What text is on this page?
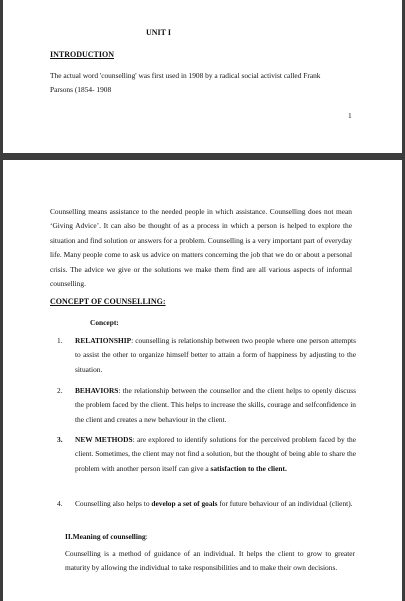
UNIT I
INTRODUCTION
The actual word 'counselling' was first used in 1908 by a radical social activist called Frank
Parsons (1854- 1908
1
Counselling means assistance to the needed people in which assistance. Counselling does not mean ‘Giving Advice’. It can also be thought of as a process in which a person is helped to explore the situation and find solution or answers for a problem. Counselling is a very important part of everyday life. Many people come to ask us advice on matters concerning the job that we do or about a personal crisis. The advice we give or the solutions we make them find are all various aspects of informal counselling.
CONCEPT OF COUNSELLING:
Concept:
1.	RELATIONSHIP: counselling is relationship between two people where one person attempts to assist the other to organize himself better to attain a form of happiness by adjusting to the situation.
2.	BEHAVIORS: the relationship between the counsellor and the client helps to openly discuss the problem faced by the client. This helps to increase the skills, courage and selfconfidence in the client and creates a new behaviour in the client.
3.	NEW METHODS: are explored to identify solutions for the perceived problem faced by the client. Sometimes, the client may not find a solution, but the thought of being able to share the problem with another person itself can give a satisfaction to the client.
4.	Counselling also helps to develop a set of goals for future behaviour of an individual (client).
II.Meaning of counselling:
Counselling is a method of guidance of an individual. It helps the client to grow to greater maturity by allowing the individual to take responsibilities and to make their own decisions.
